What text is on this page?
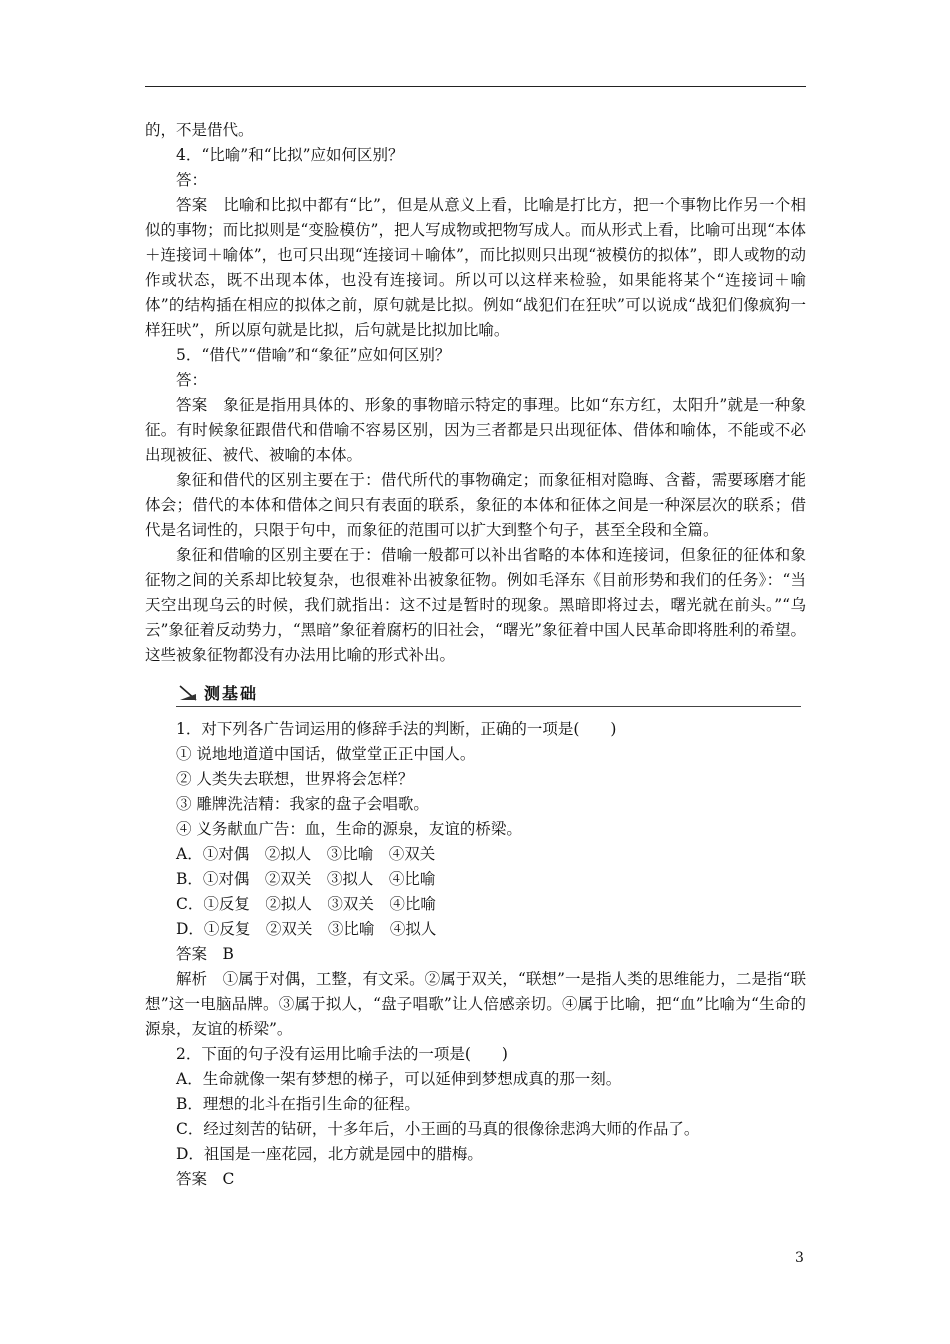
的，不是借代。

4．“比喻”和“比拟”应如何区别？

答：

答案　比喻和比拟中都有“比”，但是从意义上看，比喻是打比方，把一个事物比作另一个相似的事物；而比拟则是“变脸模仿”，把人写成物或把物写成人。而从形式上看，比喻可出现“本体＋连接词＋喻体”，也可只出现“连接词＋喻体”，而比拟则只出现“被模仿的拟体”，即人或物的动作或状态，既不出现本体，也没有连接词。所以可以这样来检验，如果能将某个“连接词＋喻体”的结构插在相应的拟体之前，原句就是比拟。例如“战犯们在狂吠”可以说成“战犯们像疯狗一样狂吠”，所以原句就是比拟，后句就是比拟加比喻。

5．“借代”“借喻”和“象征”应如何区别？

答：

答案　象征是指用具体的、形象的事物暗示特定的事理。比如“东方红，太阳升”就是一种象征。有时候象征跟借代和借喻不容易区别，因为三者都是只出现征体、借体和喻体，不能或不必出现被征、被代、被喻的本体。

象征和借代的区别主要在于：借代所代的事物确定；而象征相对隐晦、含蓄，需要琢磨才能体会；借代的本体和借体之间只有表面的联系，象征的本体和征体之间是一种深层次的联系；借代是名词性的，只限于句中，而象征的范围可以扩大到整个句子，甚至全段和全篇。

象征和借喻的区别主要在于：借喻一般都可以补出省略的本体和连接词，但象征的征体和象征物之间的关系却比较复杂，也很难补出被象征物。例如毛泽东《目前形势和我们的任务》：“当天空出现乌云的时候，我们就指出：这不过是暂时的现象。黑暗即将过去，曙光就在前头。”“乌云”象征着反动势力，“黑暗”象征着腐朽的旧社会，“曙光”象征着中国人民革命即将胜利的希望。这些被象征物都没有办法用比喻的形式补出。

测基础

1．对下列各广告词运用的修辞手法的判断，正确的一项是(　　)

① 说地地道道中国话，做堂堂正正中国人。

② 人类失去联想，世界将会怎样？

③ 雕牌洗洁精：我家的盘子会唱歌。

④ 义务献血广告：血，生命的源泉，友谊的桥梁。

A．①对偶　②拟人　③比喻　④双关

B．①对偶　②双关　③拟人　④比喻

C．①反复　②拟人　③双关　④比喻

D．①反复　②双关　③比喻　④拟人

答案　B

解析　①属于对偶，工整，有文采。②属于双关，“联想”一是指人类的思维能力，二是指“联想”这一电脑品牌。③属于拟人，“盘子唱歌”让人倍感亲切。④属于比喻，把“血”比喻为“生命的源泉，友谊的桥梁”。

2．下面的句子没有运用比喻手法的一项是(　　)

A．生命就像一架有梦想的梯子，可以延伸到梦想成真的那一刻。

B．理想的北斗在指引生命的征程。

C．经过刻苦的钻研，十多年后，小王画的马真的很像徐悲鸿大师的作品了。

D．祖国是一座花园，北方就是园中的腊梅。

答案　C

3
